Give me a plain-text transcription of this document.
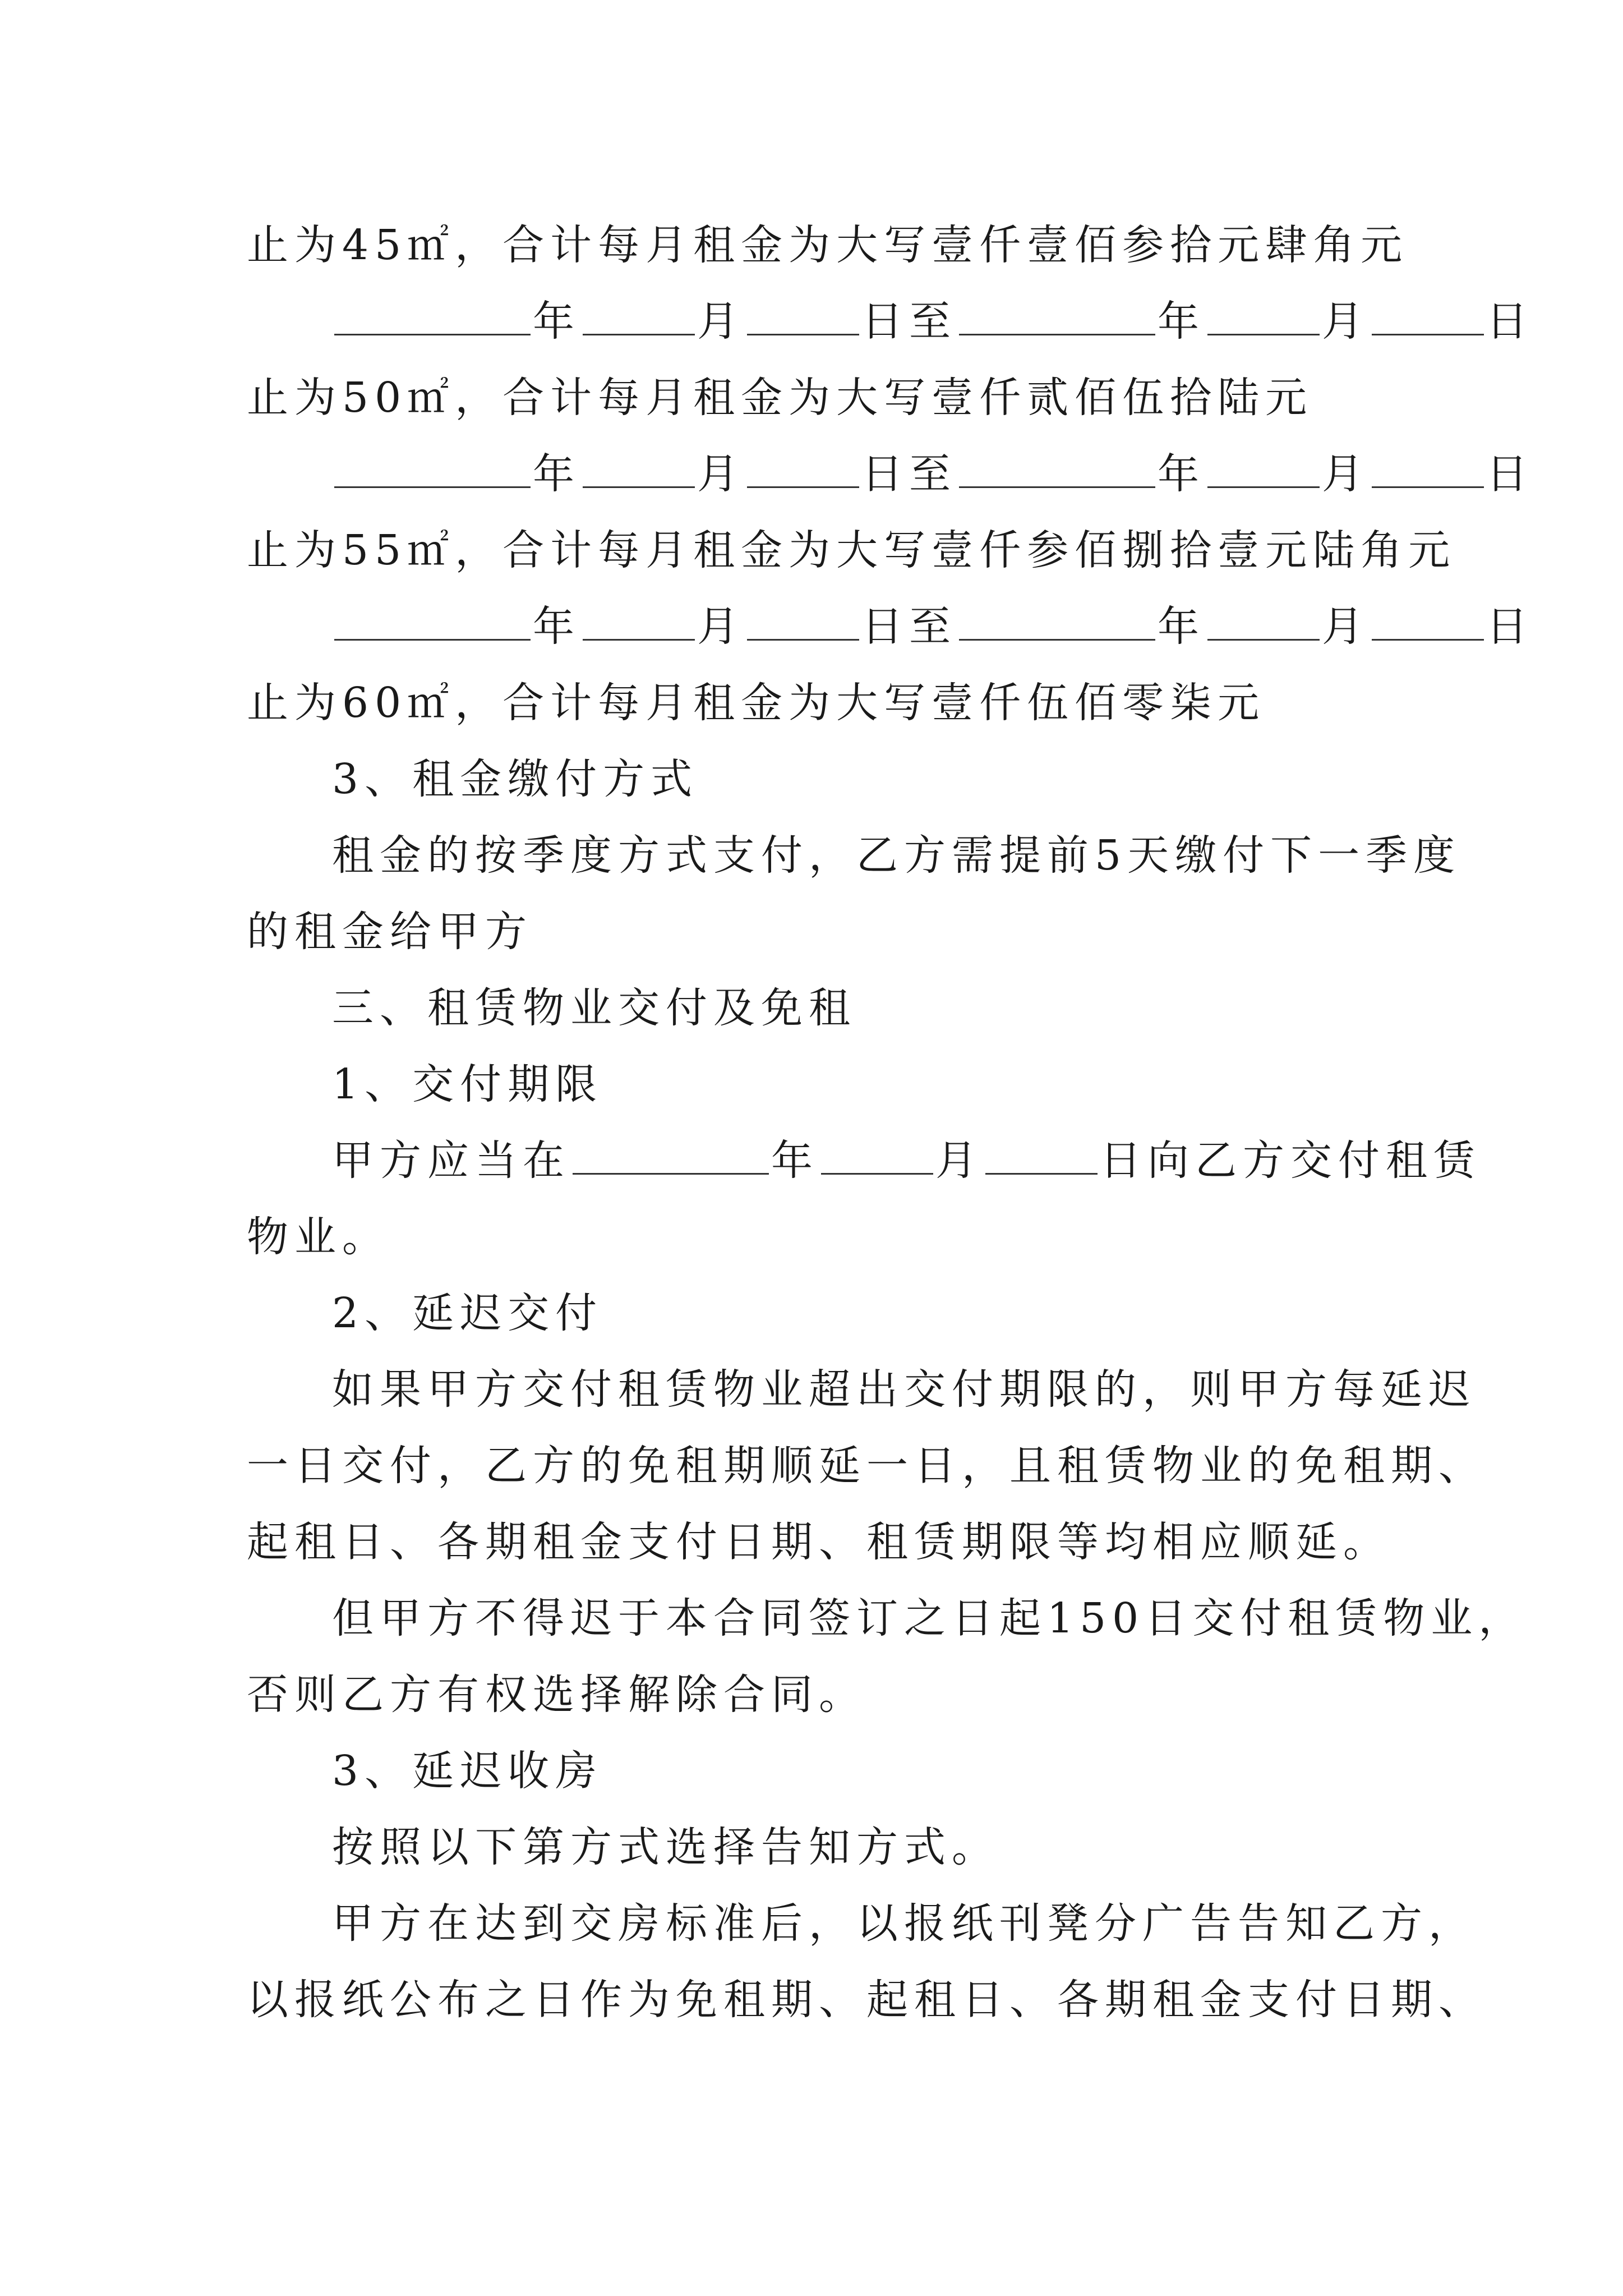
止为45㎡，合计每月租金为大写壹仟壹佰参拾元肆角元
年	月	日至	年	月	日
止为50㎡，合计每月租金为大写壹仟贰佰伍拾陆元
年	月	日至	年	月	日
止为55㎡，合计每月租金为大写壹仟参佰捌拾壹元陆角元
年	月	日至	年	月	日
止为60㎡，合计每月租金为大写壹仟伍佰零柒元
3、租金缴付方式
租金的按季度方式支付，乙方需提前5天缴付下一季度
的租金给甲方
三、租赁物业交付及免租
1、交付期限
甲方应当在	年	月	日向乙方交付租赁
物业。
2、延迟交付
如果甲方交付租赁物业超出交付期限的，则甲方每延迟
一日交付，乙方的免租期顺延一日，且租赁物业的免租期、
起租日、各期租金支付日期、租赁期限等均相应顺延。
但甲方不得迟于本合同签订之日起150日交付租赁物业，
否则乙方有权选择解除合同。
3、延迟收房
按照以下第方式选择告知方式。
甲方在达到交房标准后，以报纸刊凳分广告告知乙方，
以报纸公布之日作为免租期、起租日、各期租金支付日期、
